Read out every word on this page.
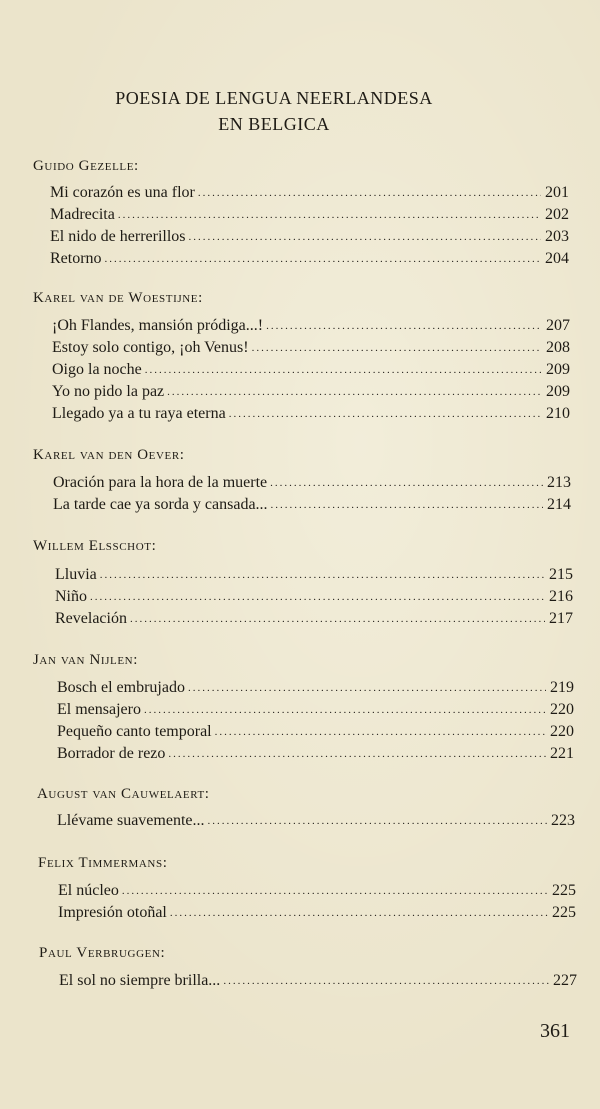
POESIA DE LENGUA NEERLANDESA
EN BELGICA
Guido Gezelle:
Mi corazón es una flor .....	201
Madrecita .....	202
El nido de herrerillos .....	203
Retorno .....	204
Karel van de Woestijne:
¡Oh Flandes, mansión pródiga...! .....	207
Estoy solo contigo, ¡oh Venus! .....	208
Oigo la noche .....	209
Yo no pido la paz .....	209
Llegado ya a tu raya eterna .....	210
Karel van den Oever:
Oración para la hora de la muerte .....	213
La tarde cae ya sorda y cansada... .....	214
Willem Elsschot:
Lluvia .....	215
Niño .....	216
Revelación .....	217
Jan van Nijlen:
Bosch el embrujado .....	219
El mensajero .....	220
Pequeño canto temporal .....	220
Borrador de rezo .....	221
August van Cauwelaert:
Llévame suavemente... .....	223
Felix Timmermans:
El núcleo .....	225
Impresión otoñal .....	225
Paul Verbruggen:
El sol no siempre brilla... .....	227
361
